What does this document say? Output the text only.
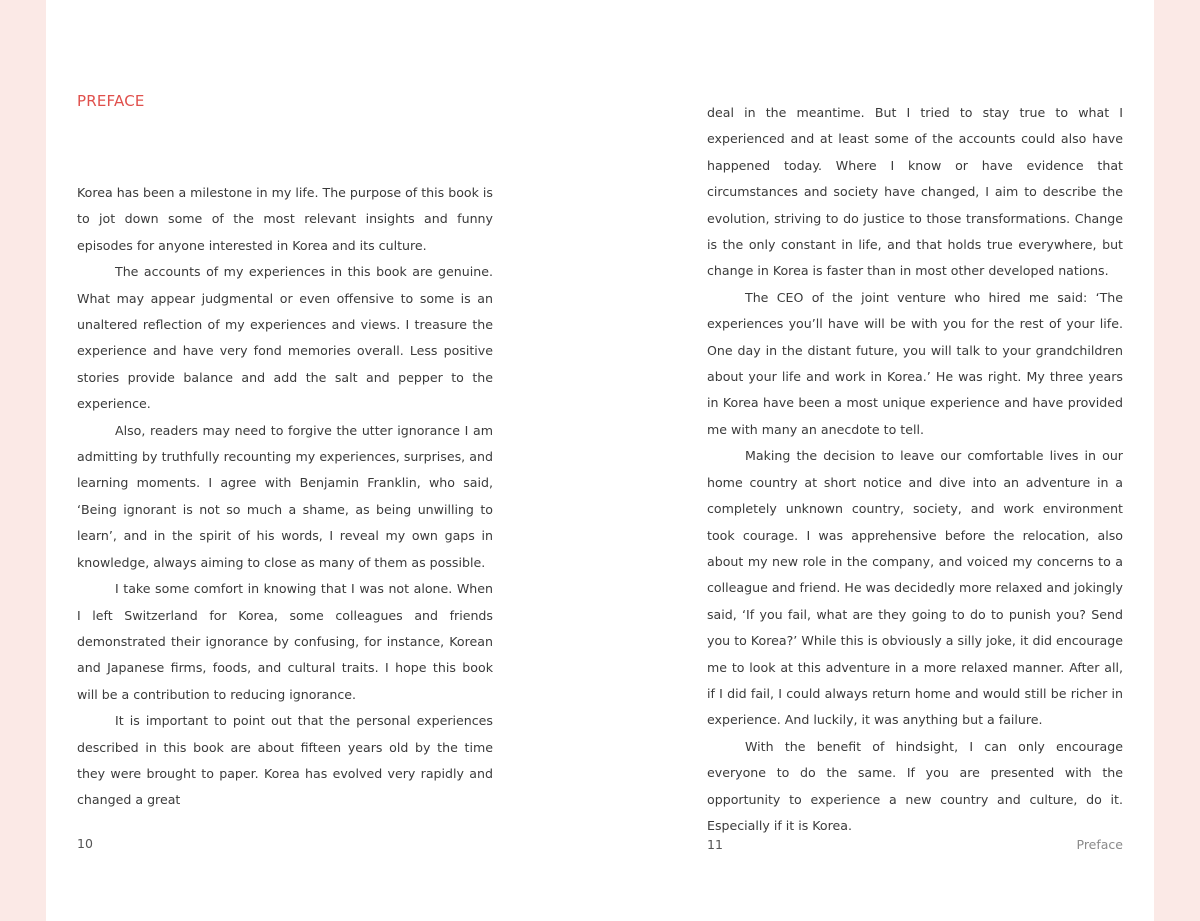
PREFACE

Korea has been a milestone in my life. The purpose of this book is to jot down some of the most relevant insights and funny episodes for anyone interested in Korea and its culture.

The accounts of my experiences in this book are genuine. What may appear judgmental or even offensive to some is an unaltered reflection of my experiences and views. I treasure the experience and have very fond memories overall. Less positive stories provide balance and add the salt and pepper to the experience.

Also, readers may need to forgive the utter ignorance I am admitting by truthfully recounting my experiences, surprises, and learning moments. I agree with Benjamin Franklin, who said, ‘Being ignorant is not so much a shame, as being unwilling to learn’, and in the spirit of his words, I reveal my own gaps in knowledge, always aiming to close as many of them as possible.

I take some comfort in knowing that I was not alone. When I left Switzerland for Korea, some colleagues and friends demonstrated their ignorance by confusing, for instance, Korean and Japanese firms, foods, and cultural traits. I hope this book will be a contribution to reducing ignorance.

It is important to point out that the personal experiences described in this book are about fifteen years old by the time they were brought to paper. Korea has evolved very rapidly and changed a great

10

deal in the meantime. But I tried to stay true to what I experienced and at least some of the accounts could also have happened today. Where I know or have evidence that circumstances and society have changed, I aim to describe the evolution, striving to do justice to those transformations. Change is the only constant in life, and that holds true everywhere, but change in Korea is faster than in most other developed nations.

The CEO of the joint venture who hired me said: ‘The experiences you’ll have will be with you for the rest of your life. One day in the distant future, you will talk to your grandchildren about your life and work in Korea.’ He was right. My three years in Korea have been a most unique experience and have provided me with many an anecdote to tell.

Making the decision to leave our comfortable lives in our home country at short notice and dive into an adventure in a completely unknown country, society, and work environment took courage. I was apprehensive before the relocation, also about my new role in the company, and voiced my concerns to a colleague and friend. He was decidedly more relaxed and jokingly said, ‘If you fail, what are they going to do to punish you? Send you to Korea?’ While this is obviously a silly joke, it did encourage me to look at this adventure in a more relaxed manner. After all, if I did fail, I could always return home and would still be richer in experience. And luckily, it was anything but a failure.

With the benefit of hindsight, I can only encourage everyone to do the same. If you are presented with the opportunity to experience a new country and culture, do it. Especially if it is Korea.

11	Preface
